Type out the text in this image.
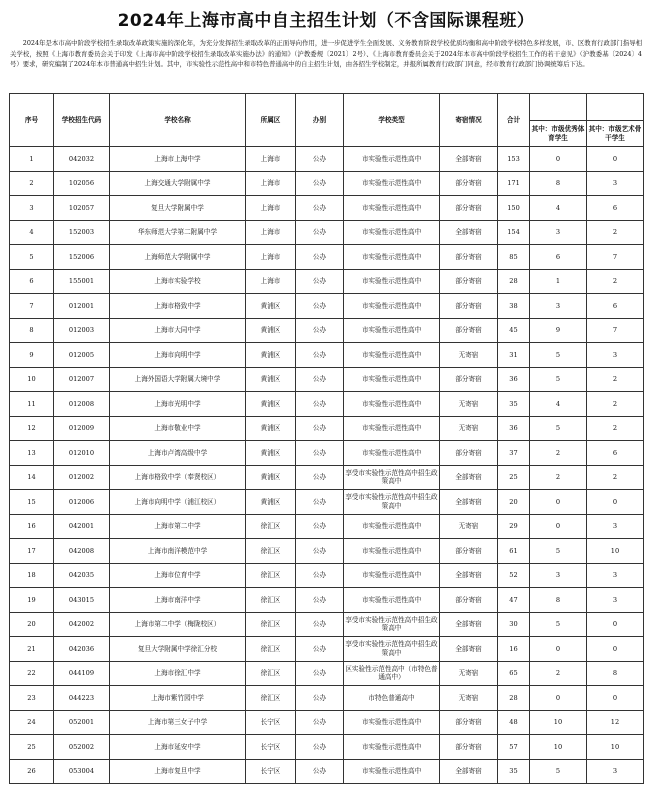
2024年上海市高中自主招生计划（不含国际课程班）
2024年是本市高中阶段学校招生录取改革政策实施的深化年，为充分发挥招生录取改革的正面导向作用，进一步促进学生全面发展、义务教育阶段学校优质均衡和高中阶段学校特色多样发展，市、区教育行政部门指导相关学校，按照《上海市教育委员会关于印发《上海市高中阶段学校招生录取改革实施办法》的通知》（沪教委规〔2021〕2号）、《上海市教育委员会关于2024年本市高中阶段学校招生工作的若干意见》（沪教委基〔2024〕4号）要求，研究编制了2024年本市普通高中招生计划。其中，市实验性示范性高中和市特色普通高中的自主招生计划，由各招生学校制定，并报所属教育行政部门同意，经市教育行政部门协调统筹后下达。
序号	学校招生代码	学校名称	所属区	办别	学校类型	寄宿情况	合计		
								其中：市级优秀体育学生	其中：市级艺术骨干学生
1	042032	上海市上海中学	上海市	公办	市实验性示范性高中	全部寄宿	153	0	0
2	102056	上海交通大学附属中学	上海市	公办	市实验性示范性高中	部分寄宿	171	8	3
3	102057	复旦大学附属中学	上海市	公办	市实验性示范性高中	部分寄宿	150	4	6
4	152003	华东师范大学第二附属中学	上海市	公办	市实验性示范性高中	全部寄宿	154	3	2
5	152006	上海师范大学附属中学	上海市	公办	市实验性示范性高中	部分寄宿	85	6	7
6	155001	上海市实验学校	上海市	公办	市实验性示范性高中	部分寄宿	28	1	2
7	012001	上海市格致中学	黄浦区	公办	市实验性示范性高中	部分寄宿	38	3	6
8	012003	上海市大同中学	黄浦区	公办	市实验性示范性高中	部分寄宿	45	9	7
9	012005	上海市向明中学	黄浦区	公办	市实验性示范性高中	无寄宿	31	5	3
10	012007	上海外国语大学附属大境中学	黄浦区	公办	市实验性示范性高中	部分寄宿	36	5	2
11	012008	上海市光明中学	黄浦区	公办	市实验性示范性高中	无寄宿	35	4	2
12	012009	上海市敬业中学	黄浦区	公办	市实验性示范性高中	无寄宿	36	5	2
13	012010	上海市卢湾高级中学	黄浦区	公办	市实验性示范性高中	部分寄宿	37	2	6
14	012002	上海市格致中学（奉贤校区）	黄浦区	公办	享受市实验性示范性高中招生政策高中	全部寄宿	25	2	2
15	012006	上海市向明中学（浦江校区）	黄浦区	公办	享受市实验性示范性高中招生政策高中	全部寄宿	20	0	0
16	042001	上海市第二中学	徐汇区	公办	市实验性示范性高中	无寄宿	29	0	3
17	042008	上海市南洋模范中学	徐汇区	公办	市实验性示范性高中	部分寄宿	61	5	10
18	042035	上海市位育中学	徐汇区	公办	市实验性示范性高中	全部寄宿	52	3	3
19	043015	上海市南洋中学	徐汇区	公办	市实验性示范性高中	部分寄宿	47	8	3
20	042002	上海市第二中学（梅陇校区）	徐汇区	公办	享受市实验性示范性高中招生政策高中	全部寄宿	30	5	0
21	042036	复旦大学附属中学徐汇分校	徐汇区	公办	享受市实验性示范性高中招生政策高中	全部寄宿	16	0	0
22	044109	上海市徐汇中学	徐汇区	公办	区实验性示范性高中（市特色普通高中）	无寄宿	65	2	8
23	044223	上海市紫竹园中学	徐汇区	公办	市特色普通高中	无寄宿	28	0	0
24	052001	上海市第三女子中学	长宁区	公办	市实验性示范性高中	部分寄宿	48	10	12
25	052002	上海市延安中学	长宁区	公办	市实验性示范性高中	部分寄宿	57	10	10
26	053004	上海市复旦中学	长宁区	公办	市实验性示范性高中	全部寄宿	35	5	3
